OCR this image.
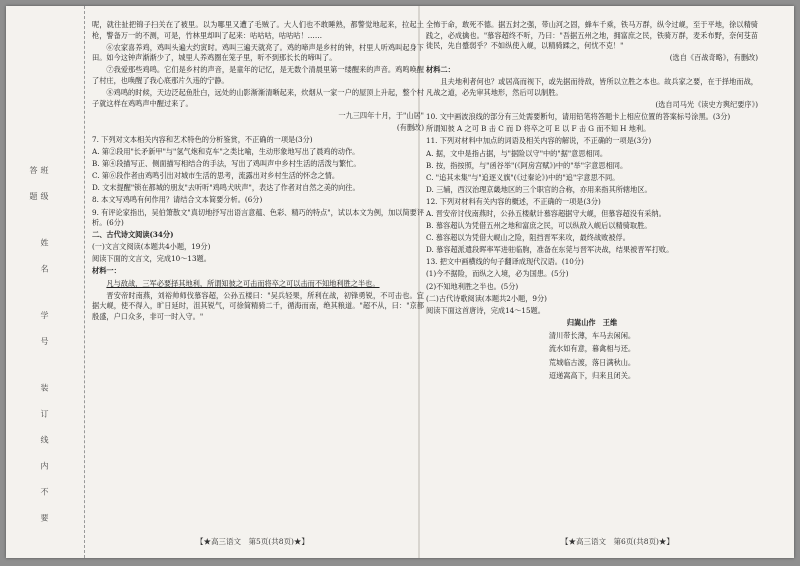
班级 姓名 学号 装订线内不要答题

呢，就往扯把锦子扫关在了被里。以为哪里又遭了毛贼了。大人们也不敢睡熟，都警觉地起来，拉起土枪，警备万一的不测，可是，竹林里却叫了起来：咕咕咕，咕咕咕！……

⑥农家喜养鸡，鸡叫头遍大约寅时。鸡叫三遍天就亮了。鸡的啼声是乡村的钟，村里人听鸡叫起身下田。如今这钟声渐渐少了，城里人养鸡圈在笼子里，听不到那长长的啼叫了。

⑦我爱那些鸡鸣。它们是乡村的声音，是童年的记忆，是无数个清晨里第一缕醒来的声音。鸡鸣唤醒了村庄，也唤醒了我心底那片久违的宁静。

⑧鸡鸣的时候，天边泛起鱼肚白，远处的山影渐渐清晰起来，炊烟从一家一户的屋顶上升起，整个村子就这样在鸡鸣声中醒过来了。

一九三四年十月，于"山居"

(有删改)

7. 下列对文本相关内容和艺术特色的分析鉴赏，不正确的一项是(3分)

A. 第②段用"长矛新甲"与"氢气炮和克车"之类比喻，生动形象地写出了晨鸡的动作。

B. 第④段描写正、侧面描写相结合的手法，写出了鸡叫声中乡村生活的活泼与繁忙。

C. 第⑥段作者由鸡鸣引出对城市生活的思考，流露出对乡村生活的怀念之情。

D. 文末提醒"锁在都城的朋友"去听听"鸡鸣犬吠声"，表达了作者对自然之美的向往。

8. 本文写鸡鸣有何作用？请结合文本简要分析。(6分)

9. 有评论家指出，吴伯箫散文"真切地抒写出语言意蕴、色彩、精巧的特点"，试以本文为例，加以简要评析。(6分)

二、古代诗文阅读(34分)

(一)文言文阅读(本题共4小题，19分)

阅读下面的文言文，完成10～13题。

材料一：

凡与敌战，三军必要择其地利，所谓知彼之可击而将卒之可以击而不知地利胜之半也。

晋安帝时南燕，刘裕帅师伐慕容超，公孙五楼曰："吴兵轻果，所利在战，初锋勇锐，不可击也。宜据大岘，使不得入，旷日延时，沮其锐气，可徐简精骑二千，循海而南，绝其粮道。"超不从，曰："京都殷盛，户口众多，非可一时入守。"

全怖于命，敢死不德。据五封之强，带山河之固，蜂车千乘，铁马万群，纵令过岘，至于平地，徐以精骑践之，必成擒也。"慕容超终不听，乃曰："吾据五州之地，拥富庶之民，铁骑万群，麦禾布野，奈何芟苗徙民，先自蹙弱乎？不如纵使入岘，以精骑蹂之，何忧不克！"

(选自《百战奇略》，有删改)

材料二：

且夫地利者何也？或居高而视下，或先据而待敌，皆所以立胜之本也。故兵家之要，在于择地而战，凡战之道，必先审其地形，然后可以制胜。

(选自司马光《读史方舆纪要序》)

10. 文中画波浪线的部分有三处需要断句，请用铅笔将答题卡上相应位置的答案标号涂黑。(3分)

所谓知彼 A 之可 B 击 C 而 D 将卒之可 E 以 F 击 G 而不知 H 地利。

11. 下列对材料中加点的词语及相关内容的解说，不正确的一项是(3分)

A. 据，文中是指占据，与"据险以守"中的"据"意思相同。

B. 按，指按照，与"函谷举"(《阿房宫赋》)中的"举"字意思相同。

C. "追其未集"与"追逐义旗"(《过秦论》)中的"追"字意思不同。

D. 三辅，西汉治理京畿地区的三个职官的合称，亦用来指其所辖地区。

12. 下列对材料有关内容的概述，不正确的一项是(3分)

A. 晋安帝讨伐南燕时，公孙五楼献计慕容超据守大岘，但慕容超没有采纳。

B. 慕容超认为凭借五州之地和富庶之民，可以纵敌入岘后以精骑取胜。

C. 慕容超以为凭借大岘山之险，阻挡晋军来攻，最终战败被俘。

D. 慕容超派遣段晖率军进驻临朐，准备在东莞与晋军决战，结果被晋军打败。

13. 把文中画横线的句子翻译成现代汉语。(10分)

(1)今不据险，而纵之入境，必为国患。(5分)

(2)不知地利胜之半也。(5分)

(二)古代诗歌阅读(本题共2小题，9分)

阅读下面这首唐诗，完成14～15题。

归嵩山作　王维

清川带长薄，车马去闲闲。

流水如有意，暮禽相与还。

荒城临古渡，落日满秋山。

迢递嵩高下，归来且闭关。

【★高三语文　第5页(共8页)★】	【★高三语文　第6页(共8页)★】
